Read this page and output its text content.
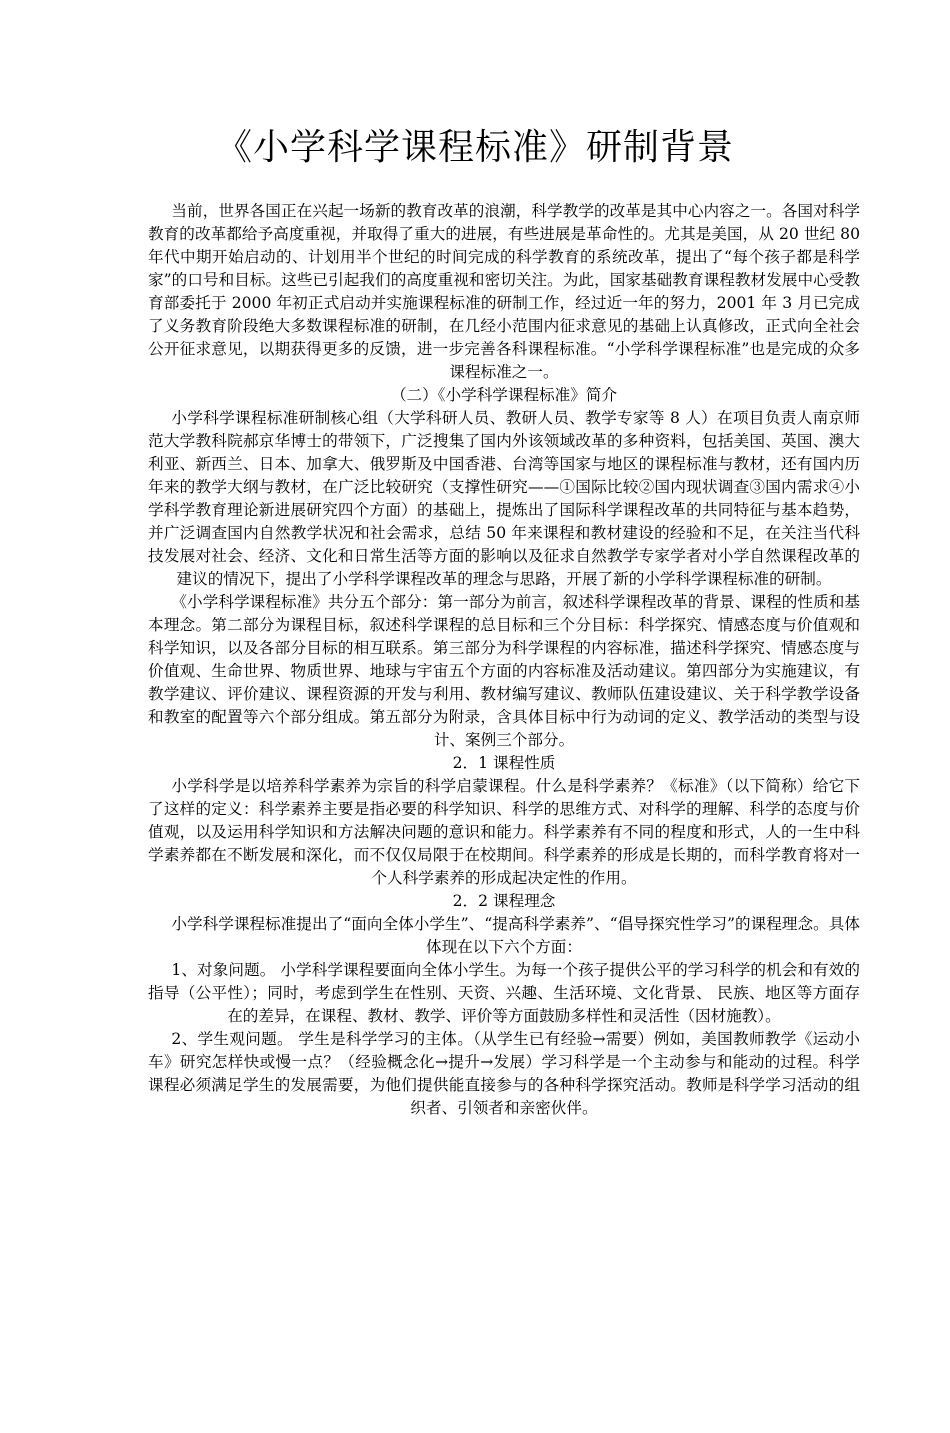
《小学科学课程标准》研制背景

当前，世界各国正在兴起一场新的教育改革的浪潮，科学教学的改革是其中心内容之一。各国对科学教育的改革都给予高度重视，并取得了重大的进展，有些进展是革命性的。尤其是美国，从 20 世纪 80 年代中期开始启动的、计划用半个世纪的时间完成的科学教育的系统改革，提出了“每个孩子都是科学家”的口号和目标。这些已引起我们的高度重视和密切关注。为此，国家基础教育课程教材发展中心受教育部委托于 2000 年初正式启动并实施课程标准的研制工作，经过近一年的努力，2001 年 3 月已完成了义务教育阶段绝大多数课程标准的研制，在几经小范围内征求意见的基础上认真修改，正式向全社会公开征求意见，以期获得更多的反馈，进一步完善各科课程标准。“小学科学课程标准”也是完成的众多课程标准之一。

（二）《小学科学课程标准》简介

小学科学课程标准研制核心组（大学科研人员、教研人员、教学专家等 8 人）在项目负责人南京师范大学教科院郝京华博士的带领下，广泛搜集了国内外该领域改革的多种资料，包括美国、英国、澳大利亚、新西兰、日本、加拿大、俄罗斯及中国香港、台湾等国家与地区的课程标准与教材，还有国内历年来的教学大纲与教材，在广泛比较研究（支撑性研究——①国际比较②国内现状调查③国内需求④小学科学教育理论新进展研究四个方面）的基础上，提炼出了国际科学课程改革的共同特征与基本趋势，并广泛调查国内自然教学状况和社会需求，总结 50 年来课程和教材建设的经验和不足，在关注当代科技发展对社会、经济、文化和日常生活等方面的影响以及征求自然教学专家学者对小学自然课程改革的建议的情况下，提出了小学科学课程改革的理念与思路，开展了新的小学科学课程标准的研制。

《小学科学课程标准》共分五个部分：第一部分为前言，叙述科学课程改革的背景、课程的性质和基本理念。第二部分为课程目标，叙述科学课程的总目标和三个分目标：科学探究、情感态度与价值观和科学知识，以及各部分目标的相互联系。第三部分为科学课程的内容标准，描述科学探究、情感态度与价值观、生命世界、物质世界、地球与宇宙五个方面的内容标准及活动建议。第四部分为实施建议，有教学建议、评价建议、课程资源的开发与利用、教材编写建议、教师队伍建设建议、关于科学教学设备和教室的配置等六个部分组成。第五部分为附录，含具体目标中行为动词的定义、教学活动的类型与设计、案例三个部分。

2．1 课程性质

小学科学是以培养科学素养为宗旨的科学启蒙课程。什么是科学素养？《标准》（以下简称）给它下了这样的定义：科学素养主要是指必要的科学知识、科学的思维方式、对科学的理解、科学的态度与价值观，以及运用科学知识和方法解决问题的意识和能力。科学素养有不同的程度和形式，人的一生中科学素养都在不断发展和深化，而不仅仅局限于在校期间。科学素养的形成是长期的，而科学教育将对一个人科学素养的形成起决定性的作用。

2．2 课程理念

小学科学课程标准提出了“面向全体小学生”、“提高科学素养”、“倡导探究性学习”的课程理念。具体体现在以下六个方面：

1、对象问题。 小学科学课程要面向全体小学生。为每一个孩子提供公平的学习科学的机会和有效的指导（公平性）；同时，考虑到学生在性别、天资、兴趣、生活环境、文化背景、 民族、地区等方面存在的差异，在课程、教材、教学、评价等方面鼓励多样性和灵活性（因材施教）。

2、学生观问题。 学生是科学学习的主体。（从学生已有经验→需要）例如，美国教师教学《运动小车》研究怎样快或慢一点？（经验概念化→提升→发展）学习科学是一个主动参与和能动的过程。科学课程必须满足学生的发展需要，为他们提供能直接参与的各种科学探究活动。教师是科学学习活动的组织者、引领者和亲密伙伴。
